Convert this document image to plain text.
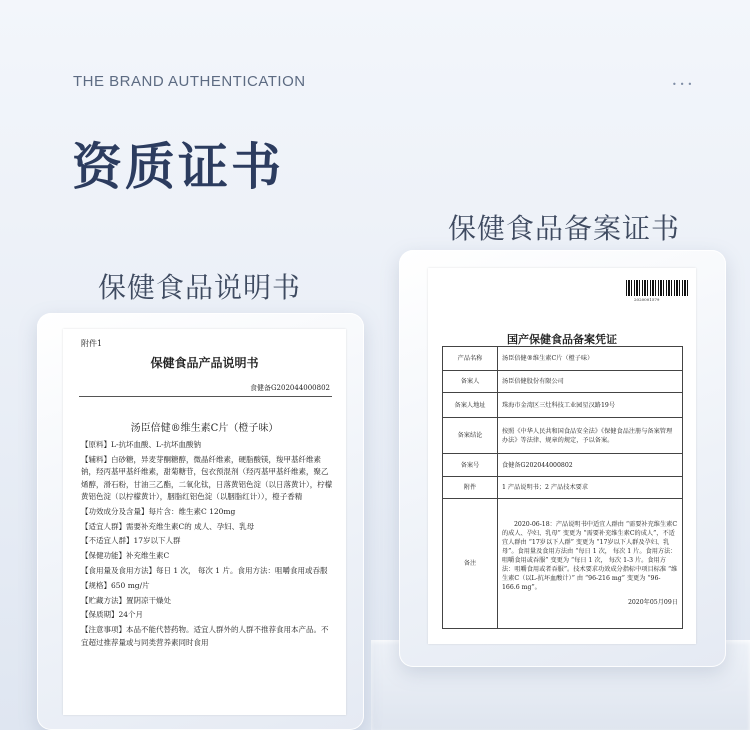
THE BRAND AUTHENTICATION	•••
资质证书
保健食品说明书
保健食品备案证书
附件1
保健食品产品说明书
食健备G202044000802
汤臣倍健®维生素C片（橙子味）

【原料】L-抗坏血酸、L-抗坏血酸钠

【辅料】白砂糖，异麦芽酮糖醇，微晶纤维素，硬脂酸镁，羧甲基纤维素钠，羟丙基甲基纤维素，甜菊糖苷，包衣预混剂（羟丙基甲基纤维素，聚乙烯醇，滑石粉，甘油三乙酯，二氧化钛，日落黄铝色淀（以日落黄计），柠檬黄铝色淀（以柠檬黄计），胭脂红铝色淀（以胭脂红计）），橙子香精

【功效成分及含量】每片含：维生素C 120mg

【适宜人群】需要补充维生素C的 成人、孕妇、乳母

【不适宜人群】17岁以下人群

【保健功能】补充维生素C

【食用量及食用方法】每日 1 次， 每次 1 片。食用方法：咀嚼食用或吞服

【规格】650 mg/片

【贮藏方法】置阴凉干燥处

【保质期】24个月

【注意事项】本品不能代替药物。适宜人群外的人群不推荐食用本产品。不宜超过推荐量或与同类营养素同时食用

2020001579
国产保健食品备案凭证
产品名称	汤臣倍健®维生素C片（橙子味）
备案人	汤臣倍健股份有限公司
备案人地址	珠海市金湾区三灶科技工业园星汉路19号
备案结论	按照《中华人民共和国食品安全法》《保健食品注册与备案管理办法》等法律、规章的规定，予以备案。
备案号	食健备G202044000802
附件	1 产品说明书；2 产品技术要求
备注	2020-06-18：产品说明书中适宜人群由 “需要补充维生素C的成人、孕妇、乳母” 变更为 “需要补充维生素C的成人”，不适宜人群由 “17岁以下人群” 变更为 “17岁以下人群及孕妇、乳母”。食用量及食用方法由 “每日 1 次， 每次 1 片。食用方法：咀嚼食用或吞服” 变更为 “每日 1 次， 每次 1-3 片。食用方法：咀嚼食用或者吞服”。技术要求功效成分指标中项目标准 “维生素C（以L-抗坏血酸计）” 由 “96-216 mg” 变更为 “96-166.6 mg”。

2020年05月09日
